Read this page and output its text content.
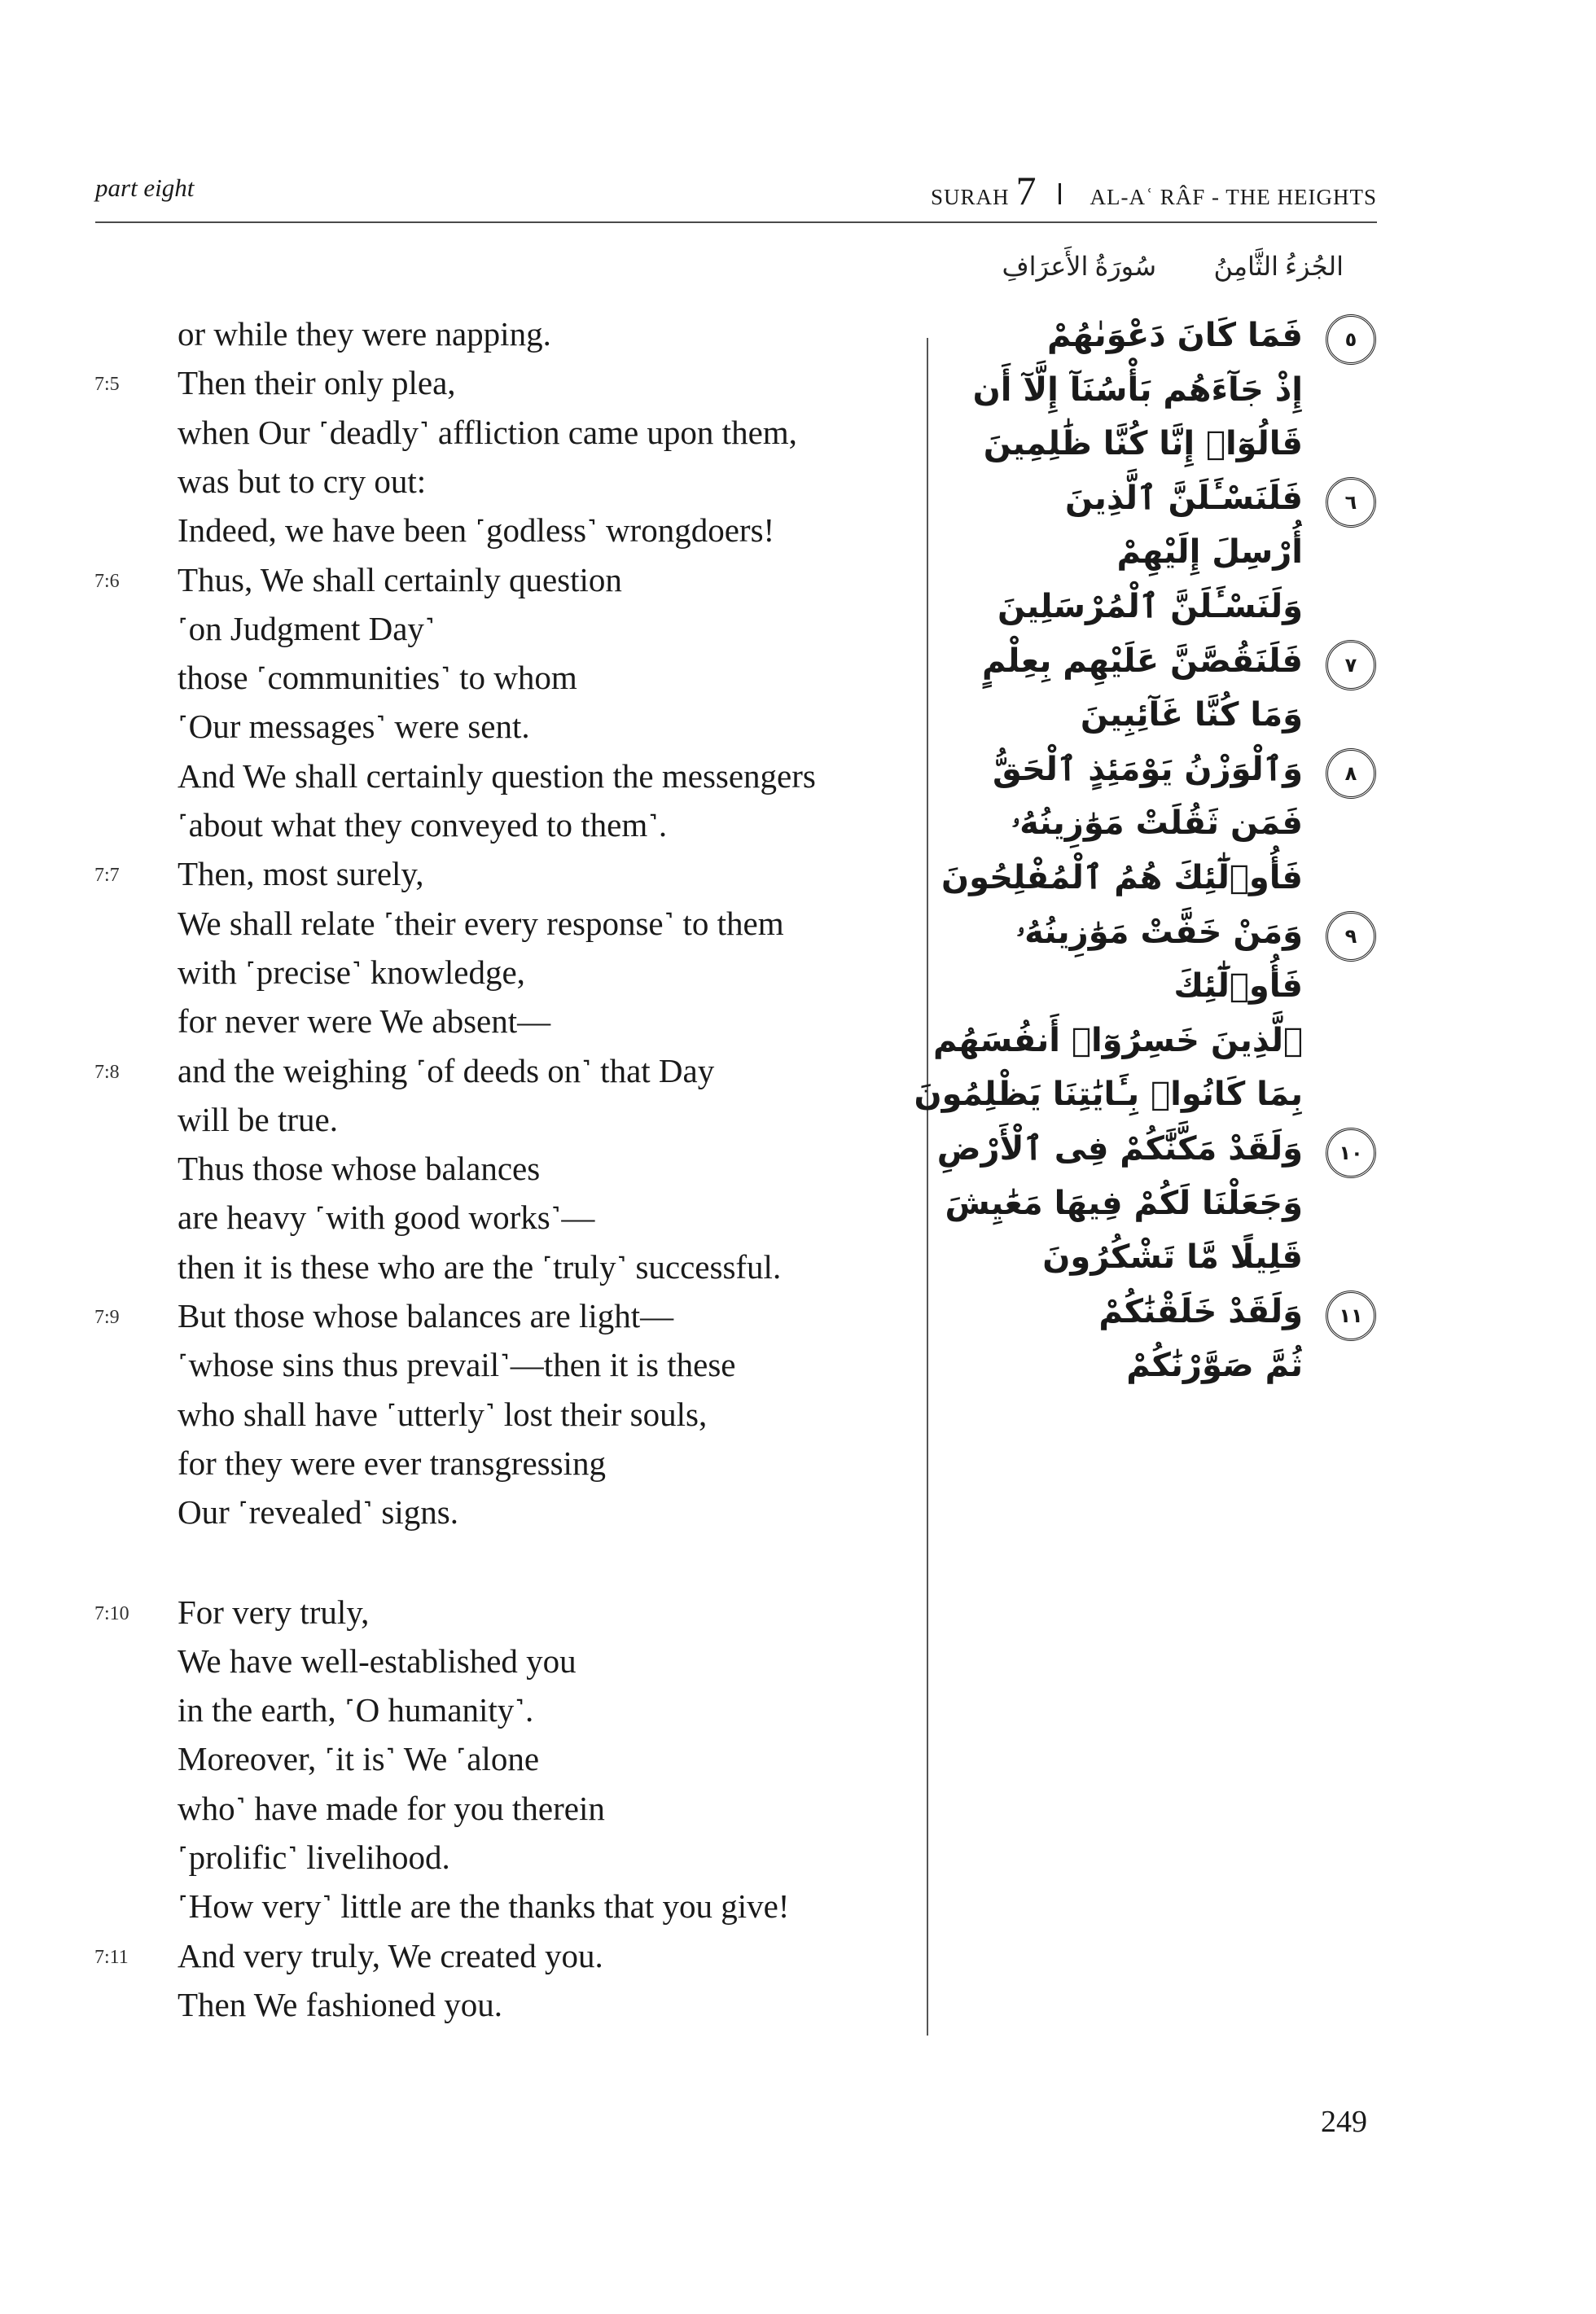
part eight	SURAH 7 AL-Aʿ RÂF - THE HEIGHTS
الجُزءُ الثَّامِنُ
سُورَةُ الأَعرَافِ
or while they were napping.
7:5 Then their only plea,
when Our ˹deadly˺ affliction came upon them,
was but to cry out:
Indeed, we have been ˹godless˺ wrongdoers!
7:6 Thus, We shall certainly question
˹on Judgment Day˺
those ˹communities˺ to whom
˹Our messages˺ were sent.
And We shall certainly question the messengers
˹about what they conveyed to them˺.
7:7 Then, most surely,
We shall relate ˹their every response˺ to them
with ˹precise˺ knowledge,
for never were We absent—
7:8 and the weighing ˹of deeds on˺ that Day
will be true.
Thus those whose balances
are heavy ˹with good works˺—
then it is these who are the ˹truly˺ successful.
7:9 But those whose balances are light—
˹whose sins thus prevail˺—then it is these
who shall have ˹utterly˺ lost their souls,
for they were ever transgressing
Our ˹revealed˺ signs.
7:10 For very truly,
We have well-established you
in the earth, ˹O humanity˺.
Moreover, ˹it is˺ We ˹alone
who˺ have made for you therein
˹prolific˺ livelihood.
˹How very˺ little are the thanks that you give!
7:11 And very truly, We created you.
Then We fashioned you.
٥
فَمَا كَانَ دَعْوَىٰهُمْ
إِذْ جَآءَهُم بَأْسُنَآ إِلَّآ أَن
قَالُوٓا۟ إِنَّا كُنَّا ظَٰلِمِينَ
٦
فَلَنَسْـَٔلَنَّ ٱلَّذِينَ
أُرْسِلَ إِلَيْهِمْ
وَلَنَسْـَٔلَنَّ ٱلْمُرْسَلِينَ
٧
فَلَنَقُصَّنَّ عَلَيْهِم بِعِلْمٍ
وَمَا كُنَّا غَآئِبِينَ
٨
وَٱلْوَزْنُ يَوْمَئِذٍ ٱلْحَقُّ
فَمَن ثَقُلَتْ مَوَٰزِينُهُۥ
فَأُو۟لَٰٓئِكَ هُمُ ٱلْمُفْلِحُونَ
٩
وَمَنْ خَفَّتْ مَوَٰزِينُهُۥ
فَأُو۟لَٰٓئِكَ
ٱلَّذِينَ خَسِرُوٓا۟ أَنفُسَهُم
بِمَا كَانُوا۟ بِـَٔايَٰتِنَا يَظْلِمُونَ
١٠
وَلَقَدْ مَكَّنَّٰكُمْ فِى ٱلْأَرْضِ
وَجَعَلْنَا لَكُمْ فِيهَا مَعَٰيِشَ
قَلِيلًا مَّا تَشْكُرُونَ
١١
وَلَقَدْ خَلَقْنَٰكُمْ
ثُمَّ صَوَّرْنَٰكُمْ
249
